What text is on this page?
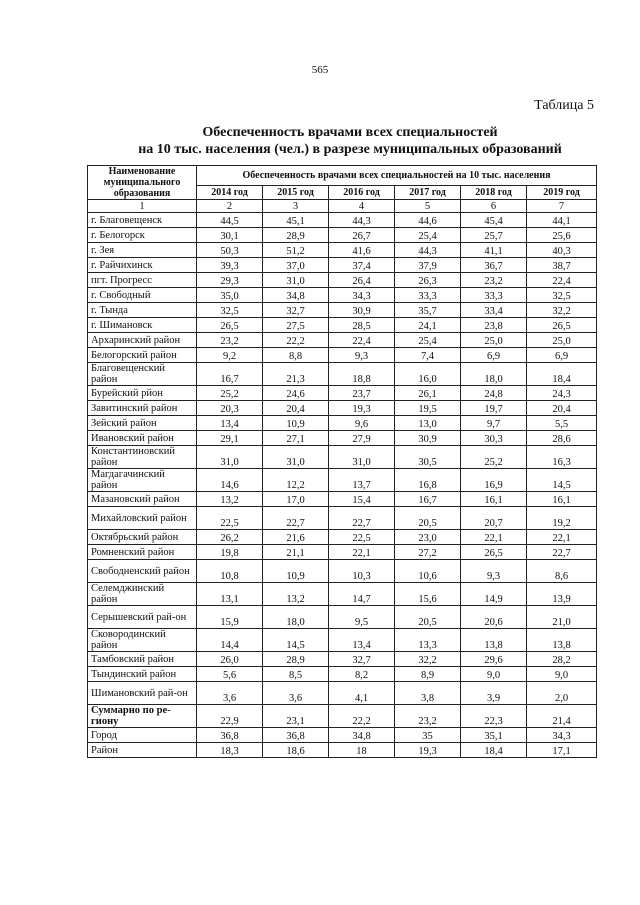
565
Таблица 5
Обеспеченность врачами всех специальностей
на 10 тыс. населения (чел.) в разрезе муниципальных образований
Наименование муниципального образования	Обеспеченность врачами всех специальностей на 10 тыс. населения					
	2014 год	2015 год	2016 год	2017 год	2018 год	2019 год
1	2	3	4	5	6	7
г. Благовещенск	44,5	45,1	44,3	44,6	45,4	44,1
г. Белогорск	30,1	28,9	26,7	25,4	25,7	25,6
г. Зея	50,3	51,2	41,6	44,3	41,1	40,3
г. Райчихинск	39,3	37,0	37,4	37,9	36,7	38,7
пгт. Прогресс	29,3	31,0	26,4	26,3	23,2	22,4
г. Свободный	35,0	34,8	34,3	33,3	33,3	32,5
г. Тында	32,5	32,7	30,9	35,7	33,4	32,2
г. Шимановск	26,5	27,5	28,5	24,1	23,8	26,5
Архаринский район	23,2	22,2	22,4	25,4	25,0	25,0
Белогорский район	9,2	8,8	9,3	7,4	6,9	6,9
Благовещенский район	16,7	21,3	18,8	16,0	18,0	18,4
Бурейский рйон	25,2	24,6	23,7	26,1	24,8	24,3
Завитинский район	20,3	20,4	19,3	19,5	19,7	20,4
Зейский район	13,4	10,9	9,6	13,0	9,7	5,5
Ивановский район	29,1	27,1	27,9	30,9	30,3	28,6
Константиновский район	31,0	31,0	31,0	30,5	25,2	16,3
Магдагачинский район	14,6	12,2	13,7	16,8	16,9	14,5
Мазановский район	13,2	17,0	15,4	16,7	16,1	16,1
Михайловский район	22,5	22,7	22,7	20,5	20,7	19,2
Октябрьский район	26,2	21,6	22,5	23,0	22,1	22,1
Ромненский район	19,8	21,1	22,1	27,2	26,5	22,7
Свободненский район	10,8	10,9	10,3	10,6	9,3	8,6
Селемджинский район	13,1	13,2	14,7	15,6	14,9	13,9
Серышевский рай-он	15,9	18,0	9,5	20,5	20,6	21,0
Сковородинский район	14,4	14,5	13,4	13,3	13,8	13,8
Тамбовский район	26,0	28,9	32,7	32,2	29,6	28,2
Тындинский район	5,6	8,5	8,2	8,9	9,0	9,0
Шимановский рай-он	3,6	3,6	4,1	3,8	3,9	2,0
Суммарно по ре-гиону	22,9	23,1	22,2	23,2	22,3	21,4
Город	36,8	36,8	34,8	35	35,1	34,3
Район	18,3	18,6	18	19,3	18,4	17,1
